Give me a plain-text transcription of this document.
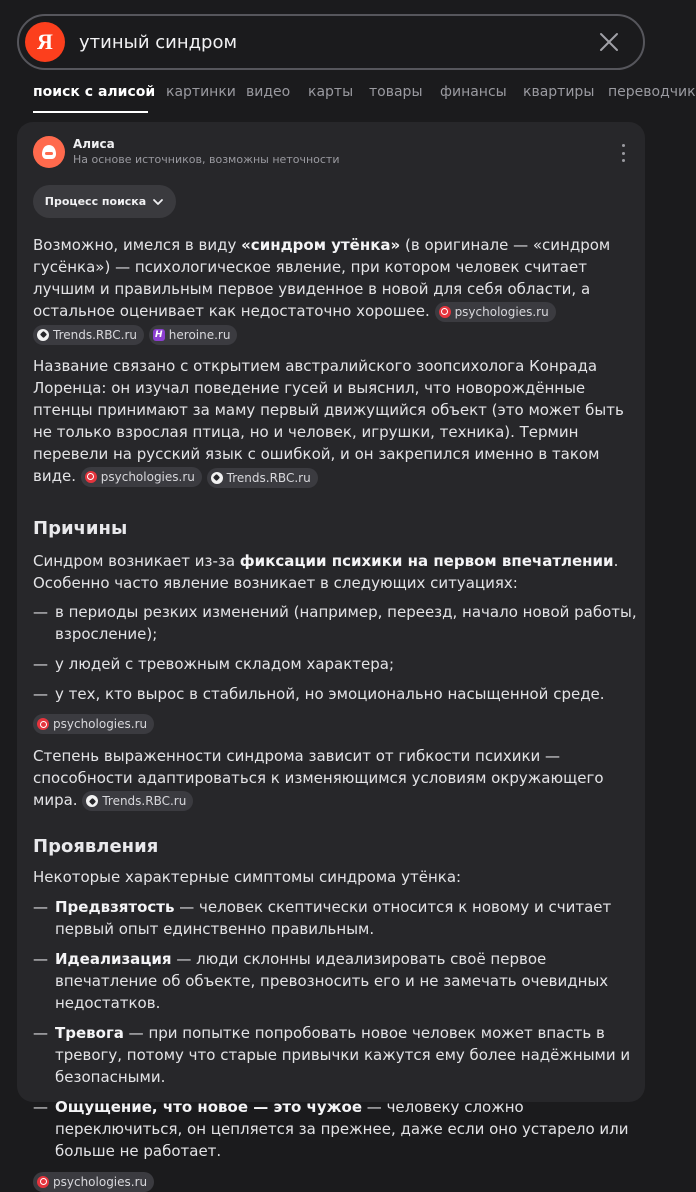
Я	утиный синдром
поиск с алисой картинки видео карты товары финансы квартиры переводчик
Алиса
На основе источников, возможны неточности
Процесс поиска

Возможно, имелся в виду «синдром утёнка» (в оригинале — «синдром гусёнка») — психологическое явление, при котором человек считает лучшим и правильным первое увиденное в новой для себя области, а остальное оценивает как недостаточно хорошее. psychologies.ru

Trends.RBC.ru
H heroine.ru

Название связано с открытием австралийского зоопсихолога Конрада Лоренца: он изучал поведение гусей и выяснил, что новорождённые птенцы принимают за маму первый движущийся объект (это может быть не только взрослая птица, но и человек, игрушки, техника). Термин перевели на русский язык с ошибкой, и он закрепился именно в таком виде. psychologies.ru
	Trends.RBC.ru

Причины

Синдром возникает из-за фиксации психики на первом впечатлении. Особенно часто явление возникает в следующих ситуациях:

— в периоды резких изменений (например, переезд, начало новой работы, взросление);
— у людей с тревожным складом характера;
— у тех, кто вырос в стабильной, но эмоционально насыщенной среде.
psychologies.ru

Степень выраженности синдрома зависит от гибкости психики — способности адаптироваться к изменяющимся условиям окружающего мира. Trends.RBC.ru

Проявления

Некоторые характерные симптомы синдрома утёнка:

— Предвзятость — человек скептически относится к новому и считает первый опыт единственно правильным.
— Идеализация — люди склонны идеализировать своё первое впечатление об объекте, превозносить его и не замечать очевидных недостатков.
— Тревога — при попытке попробовать новое человек может впасть в тревогу, потому что старые привычки кажутся ему более надёжными и безопасными.
— Ощущение, что новое — это чужое — человеку сложно переключиться, он цепляется за прежнее, даже если оно устарело или больше не работает.
psychologies.ru
